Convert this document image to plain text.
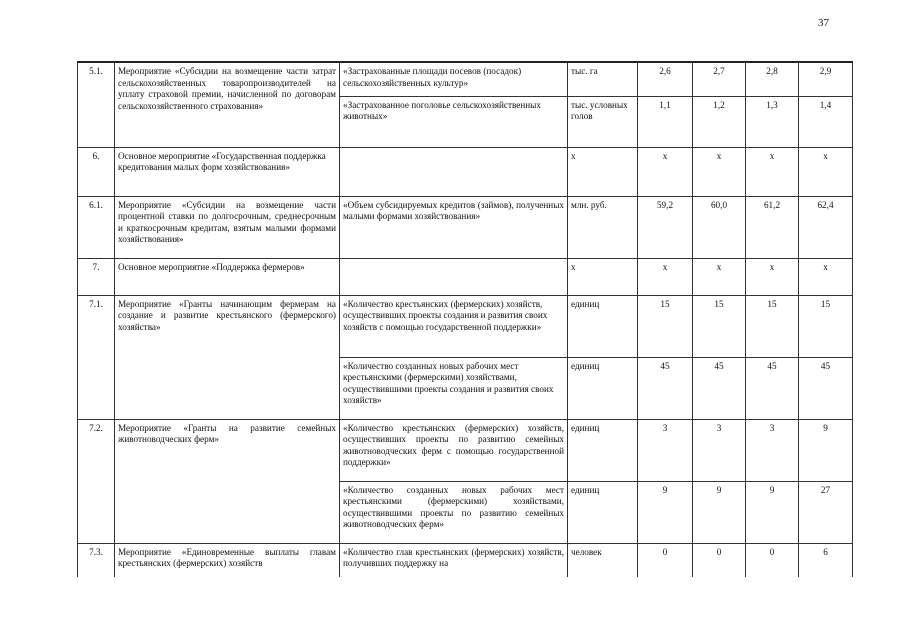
37
5.1.	Мероприятие «Субсидии на возмещение части затрат сельскохозяйственных товаропроизводителей на уплату страховой премии, начисленной по договорам сельскохозяйственного страхования»	«Застрахованные площади посевов (посадок) сельскохозяйственных культур»	тыс. га	2,6	2,7	2,8	2,9
		«Застрахованное поголовье сельскохозяйственных животных»	тыс. условных голов	1,1	1,2	1,3	1,4
6.	Основное мероприятие «Государственная поддержка кредитования малых форм хозяйствования»		х	х	х	х	х
6.1.	Мероприятие «Субсидии на возмещение части процентной ставки по долгосрочным, среднесрочным и краткосрочным кредитам, взятым малыми формами хозяйствования»	«Объем субсидируемых кредитов (займов), полученных малыми формами хозяйствования»	млн. руб.	59,2	60,0	61,2	62,4
7.	Основное мероприятие «Поддержка фермеров»		х	х	х	х	х
7.1.	Мероприятие «Гранты начинающим фермерам на создание и развитие крестьянского (фермерского) хозяйства»	«Количество крестьянских (фермерских) хозяйств, осуществивших проекты создания и развития своих хозяйств с помощью государственной поддержки»	единиц	15	15	15	15
		«Количество созданных новых рабочих мест крестьянскими (фермерскими) хозяйствами, осуществившими проекты создания и развития своих хозяйств»	единиц	45	45	45	45
7.2.	Мероприятие «Гранты на развитие семейных животноводческих ферм»	«Количество крестьянских (фермерских) хозяйств, осуществивших проекты по развитию семейных животноводческих ферм с помощью государственной поддержки»	единиц	3	3	3	9
		«Количество созданных новых рабочих мест крестьянскими (фермерскими) хозяйствами, осуществившими проекты по развитию семейных животноводческих ферм»	единиц	9	9	9	27
7.3.	Мероприятие «Единовременные выплаты главам крестьянских (фермерских) хозяйств	«Количество глав крестьянских (фермерских) хозяйств, получивших поддержку на	человек	0	0	0	6
